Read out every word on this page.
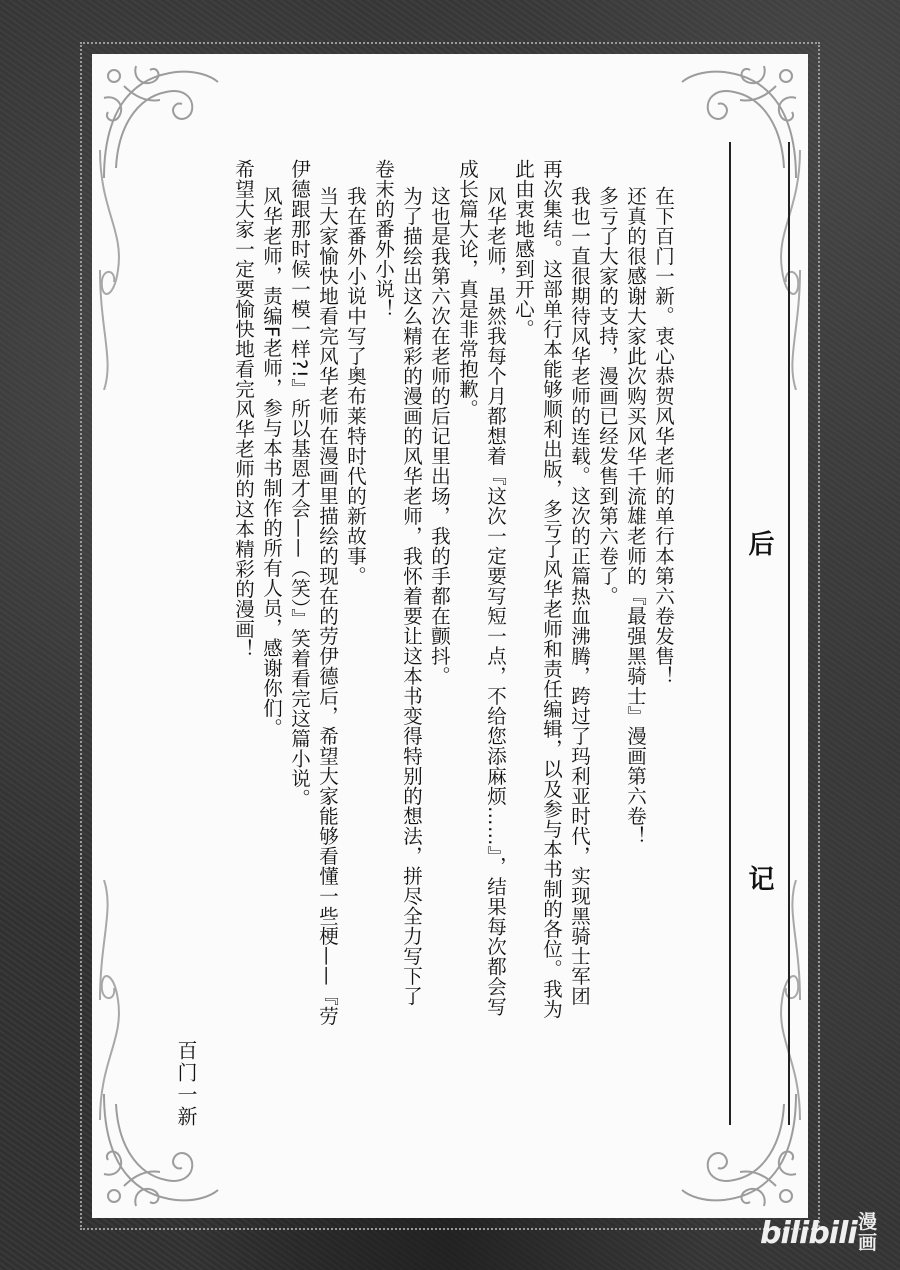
后 记
在下百门一新。衷心恭贺风华老师的单行本第六卷发售！
还真的很感谢大家此次购买风华千流雄老师的『最强黑骑士』漫画第六卷！
多亏了大家的支持，漫画已经发售到第六卷了。
我也一直很期待风华老师的连载。这次的正篇热血沸腾，跨过了玛利亚时代，实现黑骑士军团
再次集结。这部单行本能够顺利出版，多亏了风华老师和责任编辑，以及参与本书制的各位。我为
此由衷地感到开心。
风华老师，虽然我每个月都想着『这次一定要写短一点，不给您添麻烦……』，结果每次都会写
成长篇大论，真是非常抱歉。
这也是我第六次在老师的后记里出场，我的手都在颤抖。
为了描绘出这么精彩的漫画的风华老师，我怀着要让这本书变得特别的想法，拼尽全力写下了
卷末的番外小说！
我在番外小说中写了奥布莱特时代的新故事。
当大家愉快地看完风华老师在漫画里描绘的现在的劳伊德后，希望大家能够看懂一些梗——『劳
伊德跟那时候一模一样?!』所以基恩才会——（笑）』笑着看完这篇小说。
风华老师，责编F老师，参与本书制作的所有人员，感谢你们。
希望大家一定要愉快地看完风华老师的这本精彩的漫画！
百门一新
bilibili 漫画
